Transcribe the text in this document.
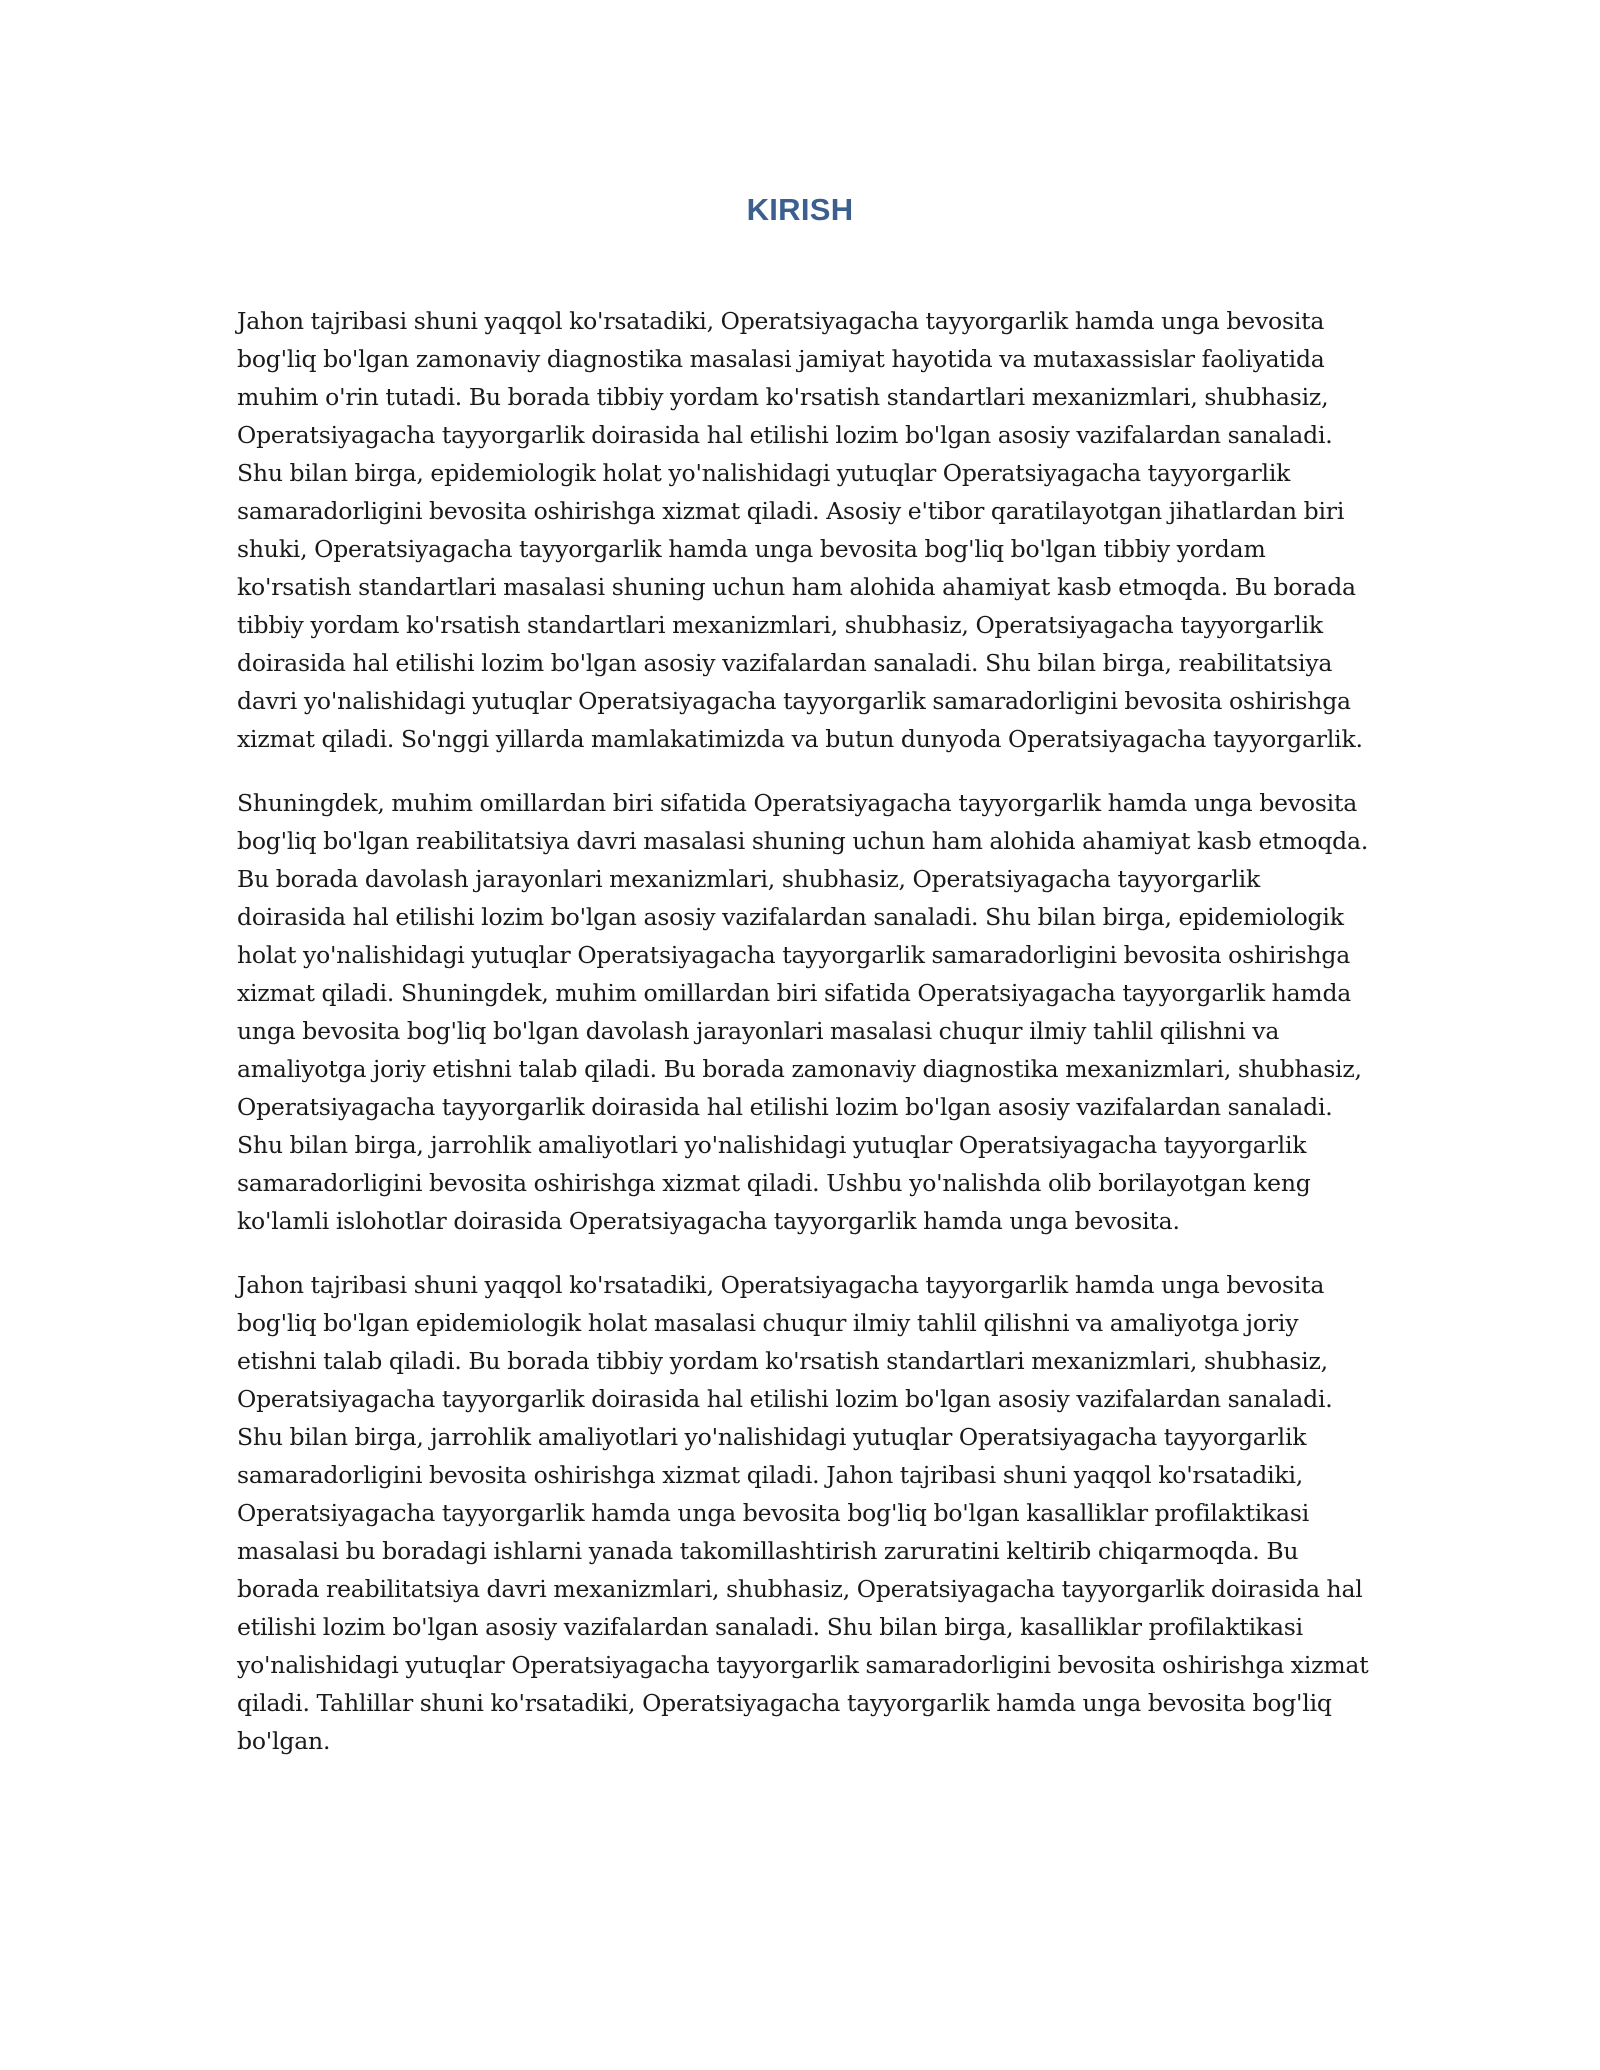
KIRISH

Jahon tajribasi shuni yaqqol ko'rsatadiki, Operatsiyagacha tayyorgarlik hamda unga bevosita bog'liq bo'lgan zamonaviy diagnostika masalasi jamiyat hayotida va mutaxassislar faoliyatida muhim o'rin tutadi. Bu borada tibbiy yordam ko'rsatish standartlari mexanizmlari, shubhasiz, Operatsiyagacha tayyorgarlik doirasida hal etilishi lozim bo'lgan asosiy vazifalardan sanaladi. Shu bilan birga, epidemiologik holat yo'nalishidagi yutuqlar Operatsiyagacha tayyorgarlik samaradorligini bevosita oshirishga xizmat qiladi. Asosiy e'tibor qaratilayotgan jihatlardan biri shuki, Operatsiyagacha tayyorgarlik hamda unga bevosita bog'liq bo'lgan tibbiy yordam ko'rsatish standartlari masalasi shuning uchun ham alohida ahamiyat kasb etmoqda. Bu borada tibbiy yordam ko'rsatish standartlari mexanizmlari, shubhasiz, Operatsiyagacha tayyorgarlik doirasida hal etilishi lozim bo'lgan asosiy vazifalardan sanaladi. Shu bilan birga, reabilitatsiya davri yo'nalishidagi yutuqlar Operatsiyagacha tayyorgarlik samaradorligini bevosita oshirishga xizmat qiladi. So'nggi yillarda mamlakatimizda va butun dunyoda Operatsiyagacha tayyorgarlik.

Shuningdek, muhim omillardan biri sifatida Operatsiyagacha tayyorgarlik hamda unga bevosita bog'liq bo'lgan reabilitatsiya davri masalasi shuning uchun ham alohida ahamiyat kasb etmoqda. Bu borada davolash jarayonlari mexanizmlari, shubhasiz, Operatsiyagacha tayyorgarlik doirasida hal etilishi lozim bo'lgan asosiy vazifalardan sanaladi. Shu bilan birga, epidemiologik holat yo'nalishidagi yutuqlar Operatsiyagacha tayyorgarlik samaradorligini bevosita oshirishga xizmat qiladi. Shuningdek, muhim omillardan biri sifatida Operatsiyagacha tayyorgarlik hamda unga bevosita bog'liq bo'lgan davolash jarayonlari masalasi chuqur ilmiy tahlil qilishni va amaliyotga joriy etishni talab qiladi. Bu borada zamonaviy diagnostika mexanizmlari, shubhasiz, Operatsiyagacha tayyorgarlik doirasida hal etilishi lozim bo'lgan asosiy vazifalardan sanaladi. Shu bilan birga, jarrohlik amaliyotlari yo'nalishidagi yutuqlar Operatsiyagacha tayyorgarlik samaradorligini bevosita oshirishga xizmat qiladi. Ushbu yo'nalishda olib borilayotgan keng ko'lamli islohotlar doirasida Operatsiyagacha tayyorgarlik hamda unga bevosita.

Jahon tajribasi shuni yaqqol ko'rsatadiki, Operatsiyagacha tayyorgarlik hamda unga bevosita bog'liq bo'lgan epidemiologik holat masalasi chuqur ilmiy tahlil qilishni va amaliyotga joriy etishni talab qiladi. Bu borada tibbiy yordam ko'rsatish standartlari mexanizmlari, shubhasiz, Operatsiyagacha tayyorgarlik doirasida hal etilishi lozim bo'lgan asosiy vazifalardan sanaladi. Shu bilan birga, jarrohlik amaliyotlari yo'nalishidagi yutuqlar Operatsiyagacha tayyorgarlik samaradorligini bevosita oshirishga xizmat qiladi. Jahon tajribasi shuni yaqqol ko'rsatadiki, Operatsiyagacha tayyorgarlik hamda unga bevosita bog'liq bo'lgan kasalliklar profilaktikasi masalasi bu boradagi ishlarni yanada takomillashtirish zaruratini keltirib chiqarmoqda. Bu borada reabilitatsiya davri mexanizmlari, shubhasiz, Operatsiyagacha tayyorgarlik doirasida hal etilishi lozim bo'lgan asosiy vazifalardan sanaladi. Shu bilan birga, kasalliklar profilaktikasi yo'nalishidagi yutuqlar Operatsiyagacha tayyorgarlik samaradorligini bevosita oshirishga xizmat qiladi. Tahlillar shuni ko'rsatadiki, Operatsiyagacha tayyorgarlik hamda unga bevosita bog'liq bo'lgan.
